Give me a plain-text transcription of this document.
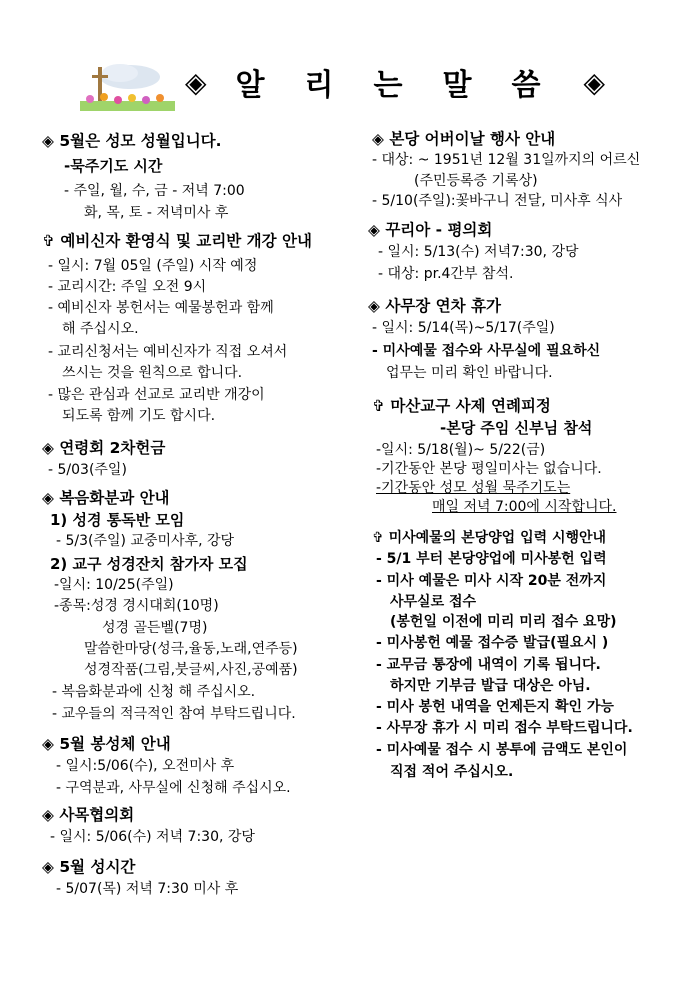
◈ 알리는말씀 ◈
◈ 5월은 성모 성월입니다.
-묵주기도 시간
- 주일, 월, 수, 금 - 저녁 7:00
화, 목, 토 - 저녁미사 후
✞ 예비신자 환영식 및 교리반 개강 안내
- 일시: 7월 05일 (주일) 시작 예정
- 교리시간: 주일 오전 9시
- 예비신자 봉헌서는 예물봉헌과 함께
해 주십시오.
- 교리신청서는 예비신자가 직접 오셔서
쓰시는 것을 원칙으로 합니다.
- 많은 관심과 선교로 교리반 개강이
되도록 함께 기도 합시다.
◈ 연령회 2차헌금
- 5/03(주일)
◈ 복음화분과 안내
1) 성경 통독반 모임
- 5/3(주일) 교중미사후, 강당
2) 교구 성경잔치 참가자 모집
-일시: 10/25(주일)
-종목:성경 경시대회(10명)
성경 골든벨(7명)
말씀한마당(성극,율동,노래,연주등)
성경작품(그림,붓글씨,사진,공예품)
- 복음화분과에 신청 해 주십시오.
- 교우들의 적극적인 참여 부탁드립니다.
◈ 5월 봉성체 안내
- 일시:5/06(수), 오전미사 후
- 구역분과, 사무실에 신청해 주십시오.
◈ 사목협의회
- 일시: 5/06(수) 저녁 7:30, 강당
◈ 5월 성시간
- 5/07(목) 저녁 7:30 미사 후
◈ 본당 어버이날 행사 안내
- 대상: ~ 1951년 12월 31일까지의 어르신
(주민등록증 기록상)
- 5/10(주일):꽃바구니 전달, 미사후 식사
◈ 꾸리아 - 평의회
- 일시: 5/13(수) 저녁7:30, 강당
- 대상: pr.4간부 참석.
◈ 사무장 연차 휴가
- 일시: 5/14(목)~5/17(주일)
- 미사예물 접수와 사무실에 필요하신
업무는 미리 확인 바랍니다.
✞ 마산교구 사제 연례피정
-본당 주임 신부님 참석
-일시: 5/18(월)~ 5/22(금)
-기간동안 본당 평일미사는 없습니다.
-기간동안 성모 성월 묵주기도는
매일 저녁 7:00에 시작합니다.
✞ 미사예물의 본당양업 입력 시행안내
- 5/1 부터 본당양업에 미사봉헌 입력
- 미사 예물은 미사 시작 20분 전까지
사무실로 접수
(봉헌일 이전에 미리 미리 접수 요망)
- 미사봉헌 예물 접수증 발급(필요시 )
- 교무금 통장에 내역이 기록 됩니다.
하지만 기부금 발급 대상은 아님.
- 미사 봉헌 내역을 언제든지 확인 가능
- 사무장 휴가 시 미리 접수 부탁드립니다.
- 미사예물 접수 시 봉투에 금액도 본인이
직접 적어 주십시오.
